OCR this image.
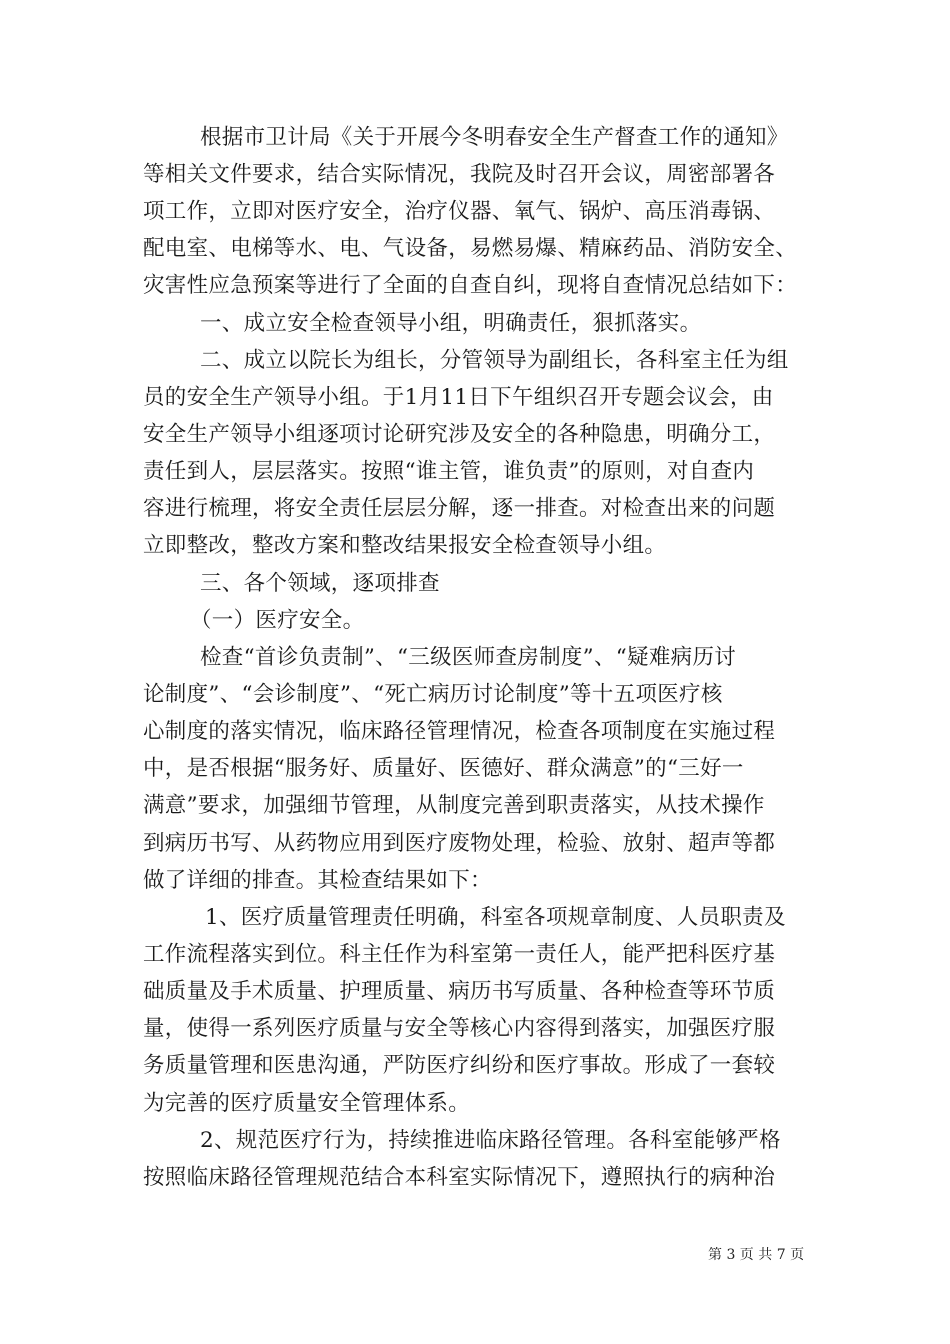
根据市卫计局《关于开展今冬明春安全生产督查工作的通知》
等相关文件要求，结合实际情况，我院及时召开会议，周密部署各
项工作，立即对医疗安全，治疗仪器、氧气、锅炉、高压消毒锅、
配电室、电梯等水、电、气设备，易燃易爆、精麻药品、消防安全、
灾害性应急预案等进行了全面的自查自纠，现将自查情况总结如下：
一、成立安全检查领导小组，明确责任，狠抓落实。
二、成立以院长为组长，分管领导为副组长，各科室主任为组
员的安全生产领导小组。于1月11日下午组织召开专题会议会，由
安全生产领导小组逐项讨论研究涉及安全的各种隐患，明确分工，
责任到人，层层落实。按照“谁主管，谁负责”的原则，对自查内
容进行梳理，将安全责任层层分解，逐一排查。对检查出来的问题
立即整改，整改方案和整改结果报安全检查领导小组。
三、各个领域，逐项排查
（一）医疗安全。
检查“首诊负责制”、“三级医师查房制度”、“疑难病历讨
论制度”、“会诊制度”、“死亡病历讨论制度”等十五项医疗核
心制度的落实情况，临床路径管理情况，检查各项制度在实施过程
中，是否根据“服务好、质量好、医德好、群众满意”的“三好一
满意”要求，加强细节管理，从制度完善到职责落实，从技术操作
到病历书写、从药物应用到医疗废物处理，检验、放射、超声等都
做了详细的排查。其检查结果如下：
1、医疗质量管理责任明确，科室各项规章制度、人员职责及
工作流程落实到位。科主任作为科室第一责任人，能严把科医疗基
础质量及手术质量、护理质量、病历书写质量、各种检查等环节质
量，使得一系列医疗质量与安全等核心内容得到落实，加强医疗服
务质量管理和医患沟通，严防医疗纠纷和医疗事故。形成了一套较
为完善的医疗质量安全管理体系。
2、规范医疗行为，持续推进临床路径管理。各科室能够严格
按照临床路径管理规范结合本科室实际情况下，遵照执行的病种治
第 3 页 共 7 页
